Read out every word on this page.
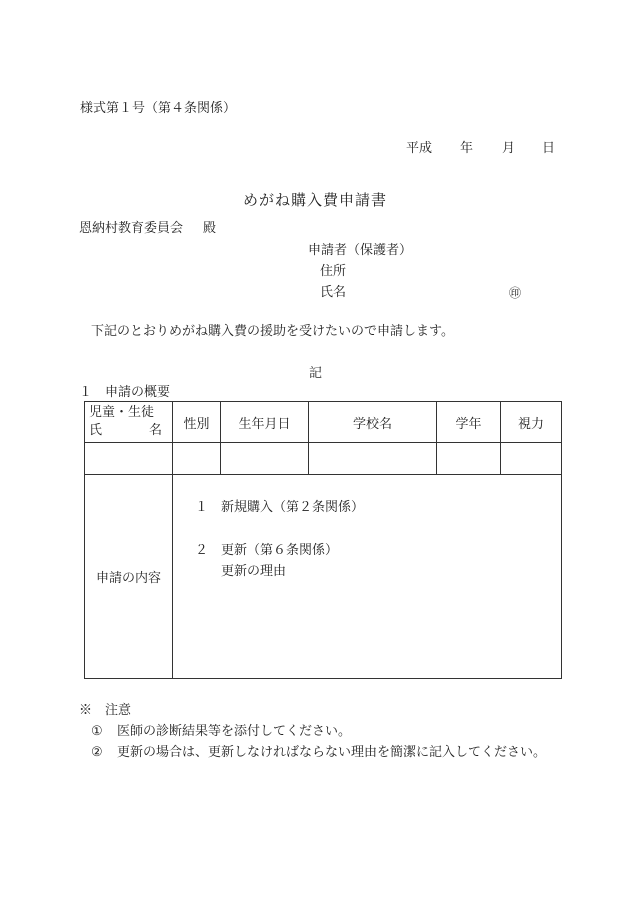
様式第１号（第４条関係）
平成	年	月	日
めがね購入費申請書
恩納村教育委員会 殿
申請者（保護者）
住所
氏名	㊞
下記のとおりめがね購入費の援助を受けたいので申請します。
記
１　申請の概要
児童・生徒
氏 名	性別	生年月日	学校名	学年	視力

申請の内容	１ 新規購入（第２条関係）
２ 更新（第６条関係）
更新の理由				
※　注意
① 医師の診断結果等を添付してください。
② 更新の場合は、更新しなければならない理由を簡潔に記入してください。
